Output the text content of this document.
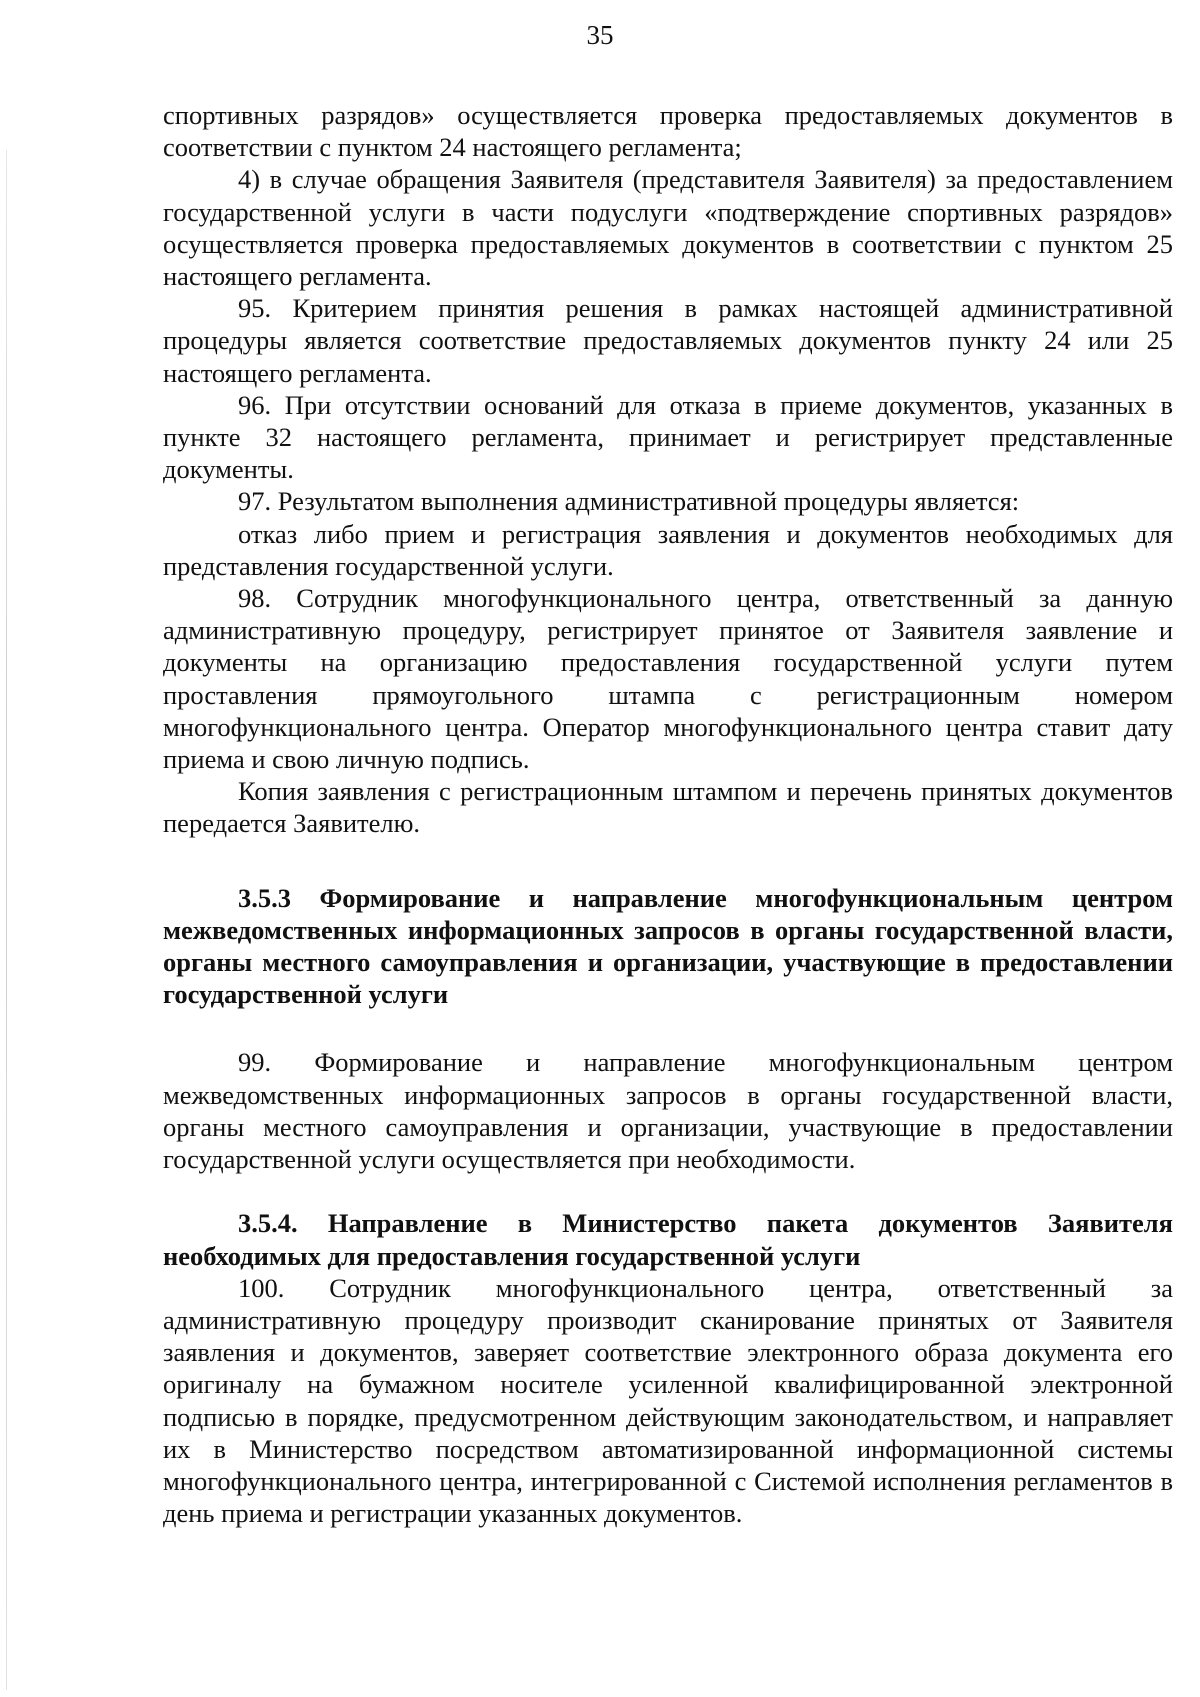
35

спортивных разрядов» осуществляется проверка предоставляемых документов в соответствии с пунктом 24 настоящего регламента;

4) в случае обращения Заявителя (представителя Заявителя) за предоставлением государственной услуги в части подуслуги «подтверждение спортивных разрядов» осуществляется проверка предоставляемых документов в соответствии с пунктом 25 настоящего регламента.

95. Критерием принятия решения в рамках настоящей административной процедуры является соответствие предоставляемых документов пункту 24 или 25 настоящего регламента.

96. При отсутствии оснований для отказа в приеме документов, указанных в пункте 32 настоящего регламента, принимает и регистрирует представленные документы.

97. Результатом выполнения административной процедуры является:

отказ либо прием и регистрация заявления и документов необходимых для представления государственной услуги.

98. Сотрудник многофункционального центра, ответственный за данную административную процедуру, регистрирует принятое от Заявителя заявление и документы на организацию предоставления государственной услуги путем проставления прямоугольного штампа с регистрационным номером многофункционального центра. Оператор многофункционального центра ставит дату приема и свою личную подпись.

Копия заявления с регистрационным штампом и перечень принятых документов передается Заявителю.

3.5.3 Формирование и направление многофункциональным центром межведомственных информационных запросов в органы государственной власти, органы местного самоуправления и организации, участвующие в предоставлении государственной услуги

99. Формирование и направление многофункциональным центром межведомственных информационных запросов в органы государственной власти, органы местного самоуправления и организации, участвующие в предоставлении государственной услуги осуществляется при необходимости.

3.5.4. Направление в Министерство пакета документов Заявителя необходимых для предоставления государственной услуги

100. Сотрудник многофункционального центра, ответственный за административную процедуру производит сканирование принятых от Заявителя заявления и документов, заверяет соответствие электронного образа документа его оригиналу на бумажном носителе усиленной квалифицированной электронной подписью в порядке, предусмотренном действующим законодательством, и направляет их в Министерство посредством автоматизированной информационной системы многофункционального центра, интегрированной с Системой исполнения регламентов в день приема и регистрации указанных документов.
